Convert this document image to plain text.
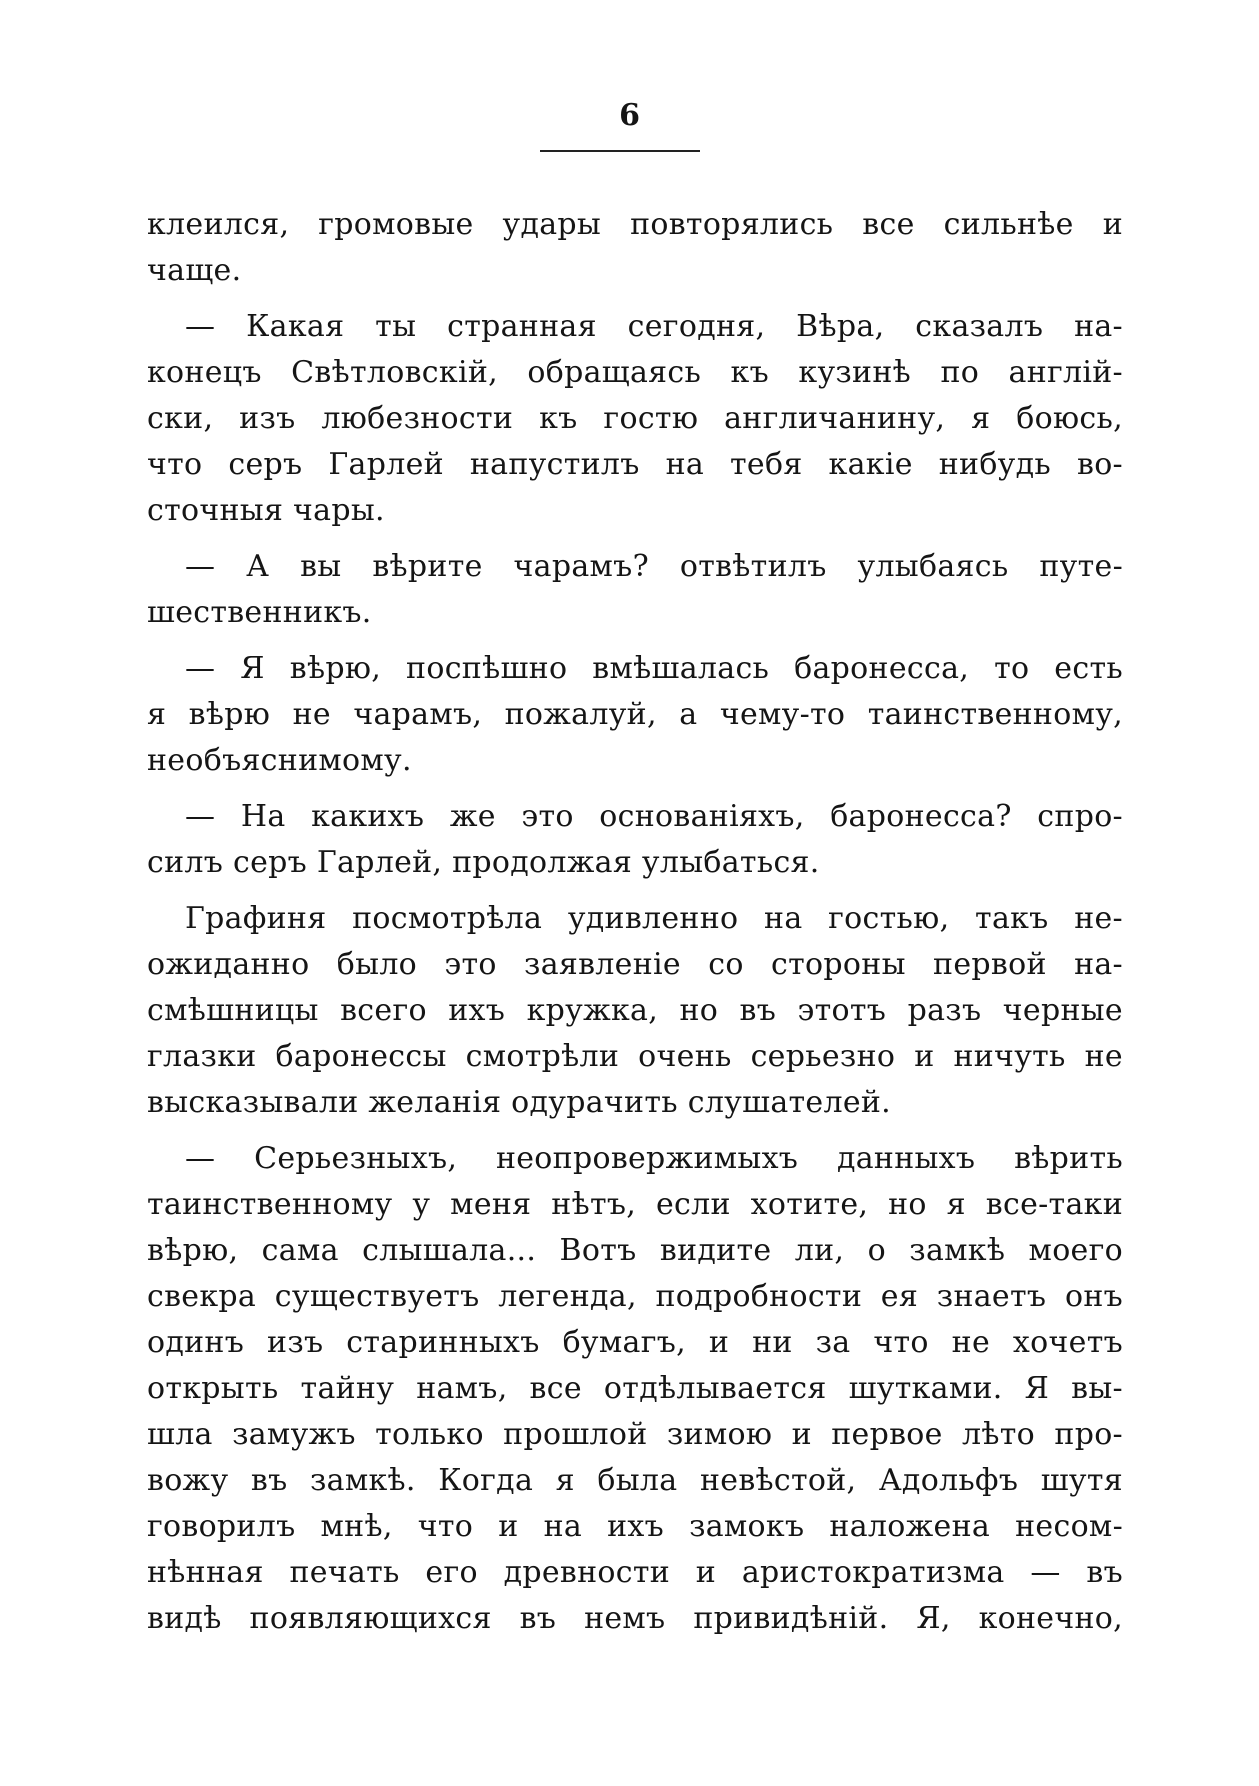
6
клеился, громовые удары повторялись все сильнѣе и
чаще.
— Какая ты странная сегодня, Вѣра, сказалъ на-
конецъ Свѣтловскій, обращаясь къ кузинѣ по англій-
ски, изъ любезности къ гостю англичанину, я боюсь,
что серъ Гарлей напустилъ на тебя какіе нибудь во-
сточныя чары.
— А вы вѣрите чарамъ? отвѣтилъ улыбаясь путе-
шественникъ.
— Я вѣрю, поспѣшно вмѣшалась баронесса, то есть
я вѣрю не чарамъ, пожалуй, а чему-то таинственному,
необъяснимому.
— На какихъ же это основаніяхъ, баронесса? спро-
силъ серъ Гарлей, продолжая улыбаться.
Графиня посмотрѣла удивленно на гостью, такъ не-
ожиданно было это заявленіе со стороны первой на-
смѣшницы всего ихъ кружка, но въ этотъ разъ черные
глазки баронессы смотрѣли очень серьезно и ничуть не
высказывали желанія одурачить слушателей.
— Серьезныхъ, неопровержимыхъ данныхъ вѣрить
таинственному у меня нѣтъ, если хотите, но я все-таки
вѣрю, сама слышала... Вотъ видите ли, о замкѣ моего
свекра существуетъ легенда, подробности ея знаетъ онъ
одинъ изъ старинныхъ бумагъ, и ни за что не хочетъ
открыть тайну намъ, все отдѣлывается шутками. Я вы-
шла замужъ только прошлой зимою и первое лѣто про-
вожу въ замкѣ. Когда я была невѣстой, Адольфъ шутя
говорилъ мнѣ, что и на ихъ замокъ наложена несом-
нѣнная печать его древности и аристократизма — въ
видѣ появляющихся въ немъ привидѣній. Я, конечно,
